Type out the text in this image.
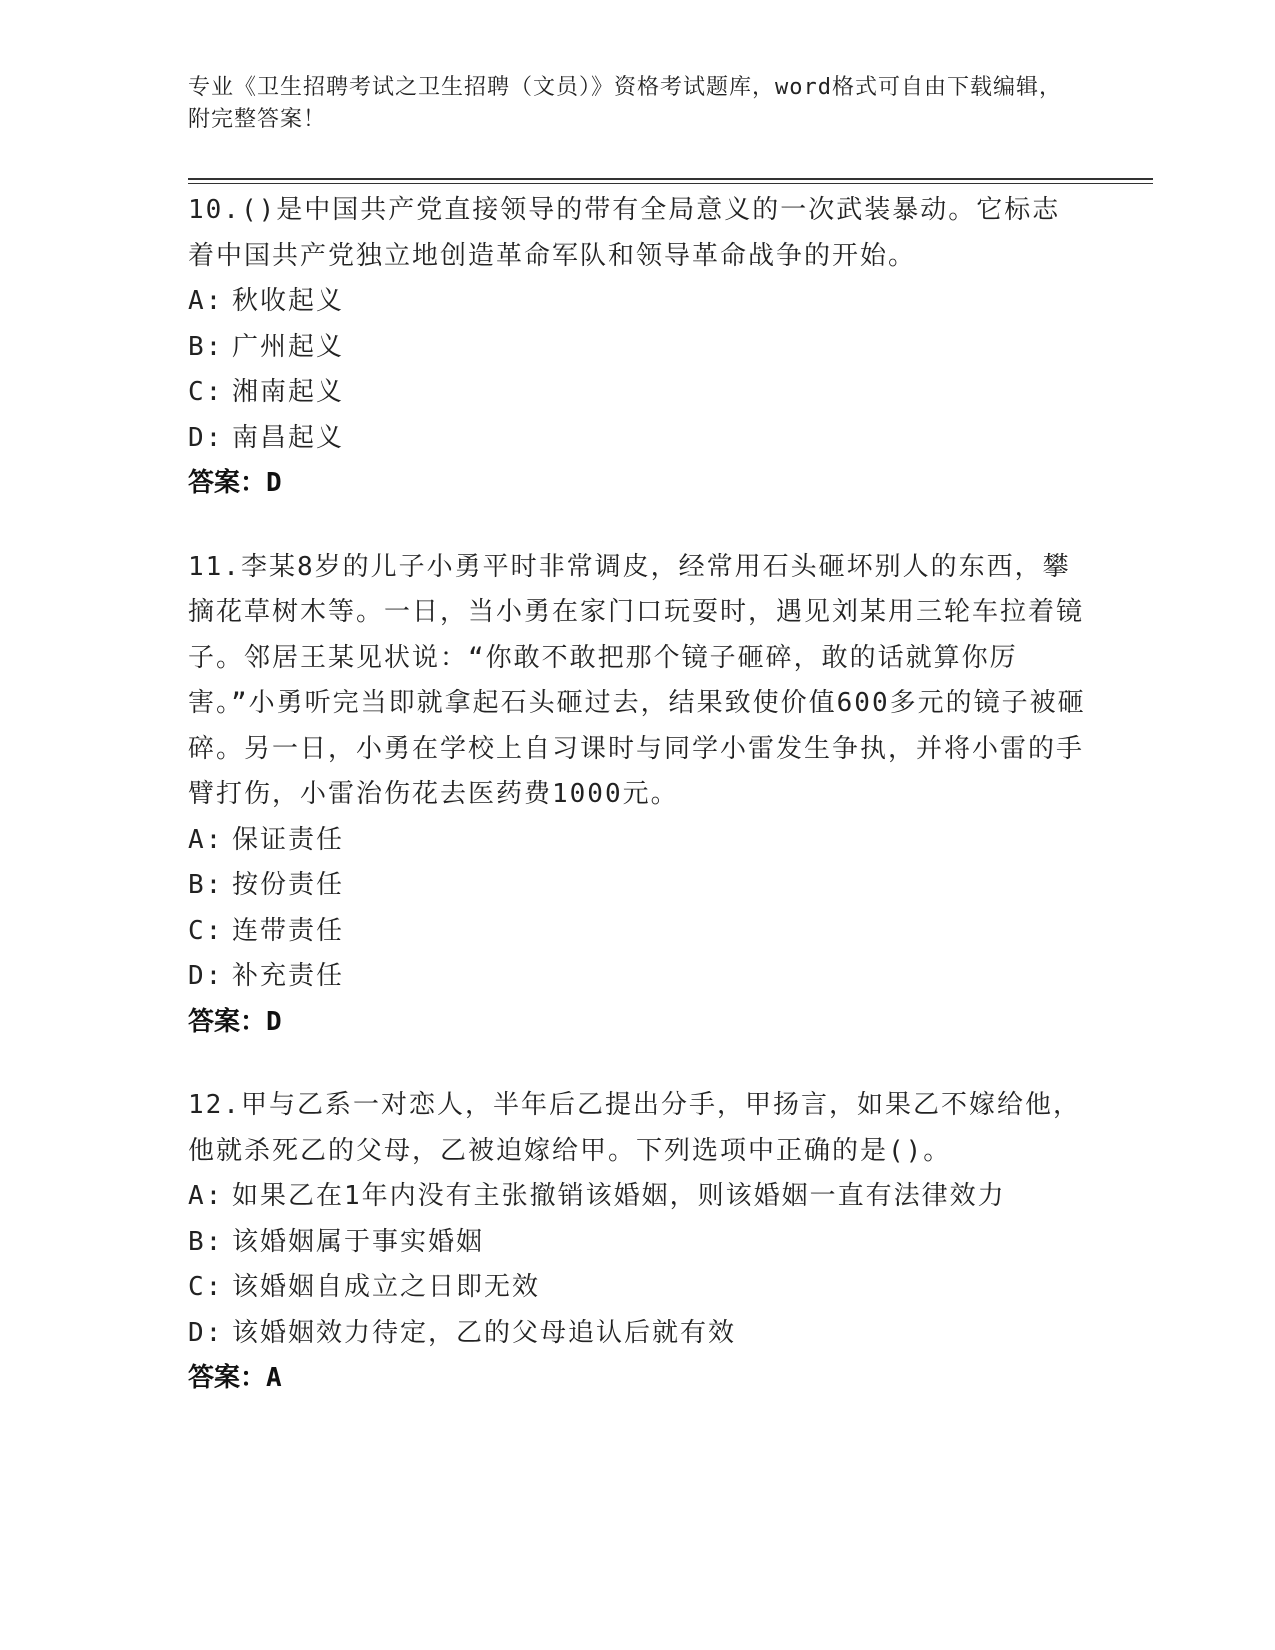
专业《卫生招聘考试之卫生招聘（文员）》资格考试题库，word格式可自由下载编辑，附完整答案！

10.()是中国共产党直接领导的带有全局意义的一次武装暴动。它标志着中国共产党独立地创造革命军队和领导革命战争的开始。

A: 秋收起义

B: 广州起义

C: 湘南起义

D: 南昌起义

答案：D

11.李某8岁的儿子小勇平时非常调皮，经常用石头砸坏别人的东西，攀摘花草树木等。一日，当小勇在家门口玩耍时，遇见刘某用三轮车拉着镜子。邻居王某见状说：“你敢不敢把那个镜子砸碎，敢的话就算你厉害。”小勇听完当即就拿起石头砸过去，结果致使价值600多元的镜子被砸碎。另一日，小勇在学校上自习课时与同学小雷发生争执，并将小雷的手臂打伤，小雷治伤花去医药费1000元。

A: 保证责任

B: 按份责任

C: 连带责任

D: 补充责任

答案：D

12.甲与乙系一对恋人，半年后乙提出分手，甲扬言，如果乙不嫁给他，他就杀死乙的父母，乙被迫嫁给甲。下列选项中正确的是()。

A: 如果乙在1年内没有主张撤销该婚姻，则该婚姻一直有法律效力

B: 该婚姻属于事实婚姻

C: 该婚姻自成立之日即无效

D: 该婚姻效力待定，乙的父母追认后就有效

答案：A
